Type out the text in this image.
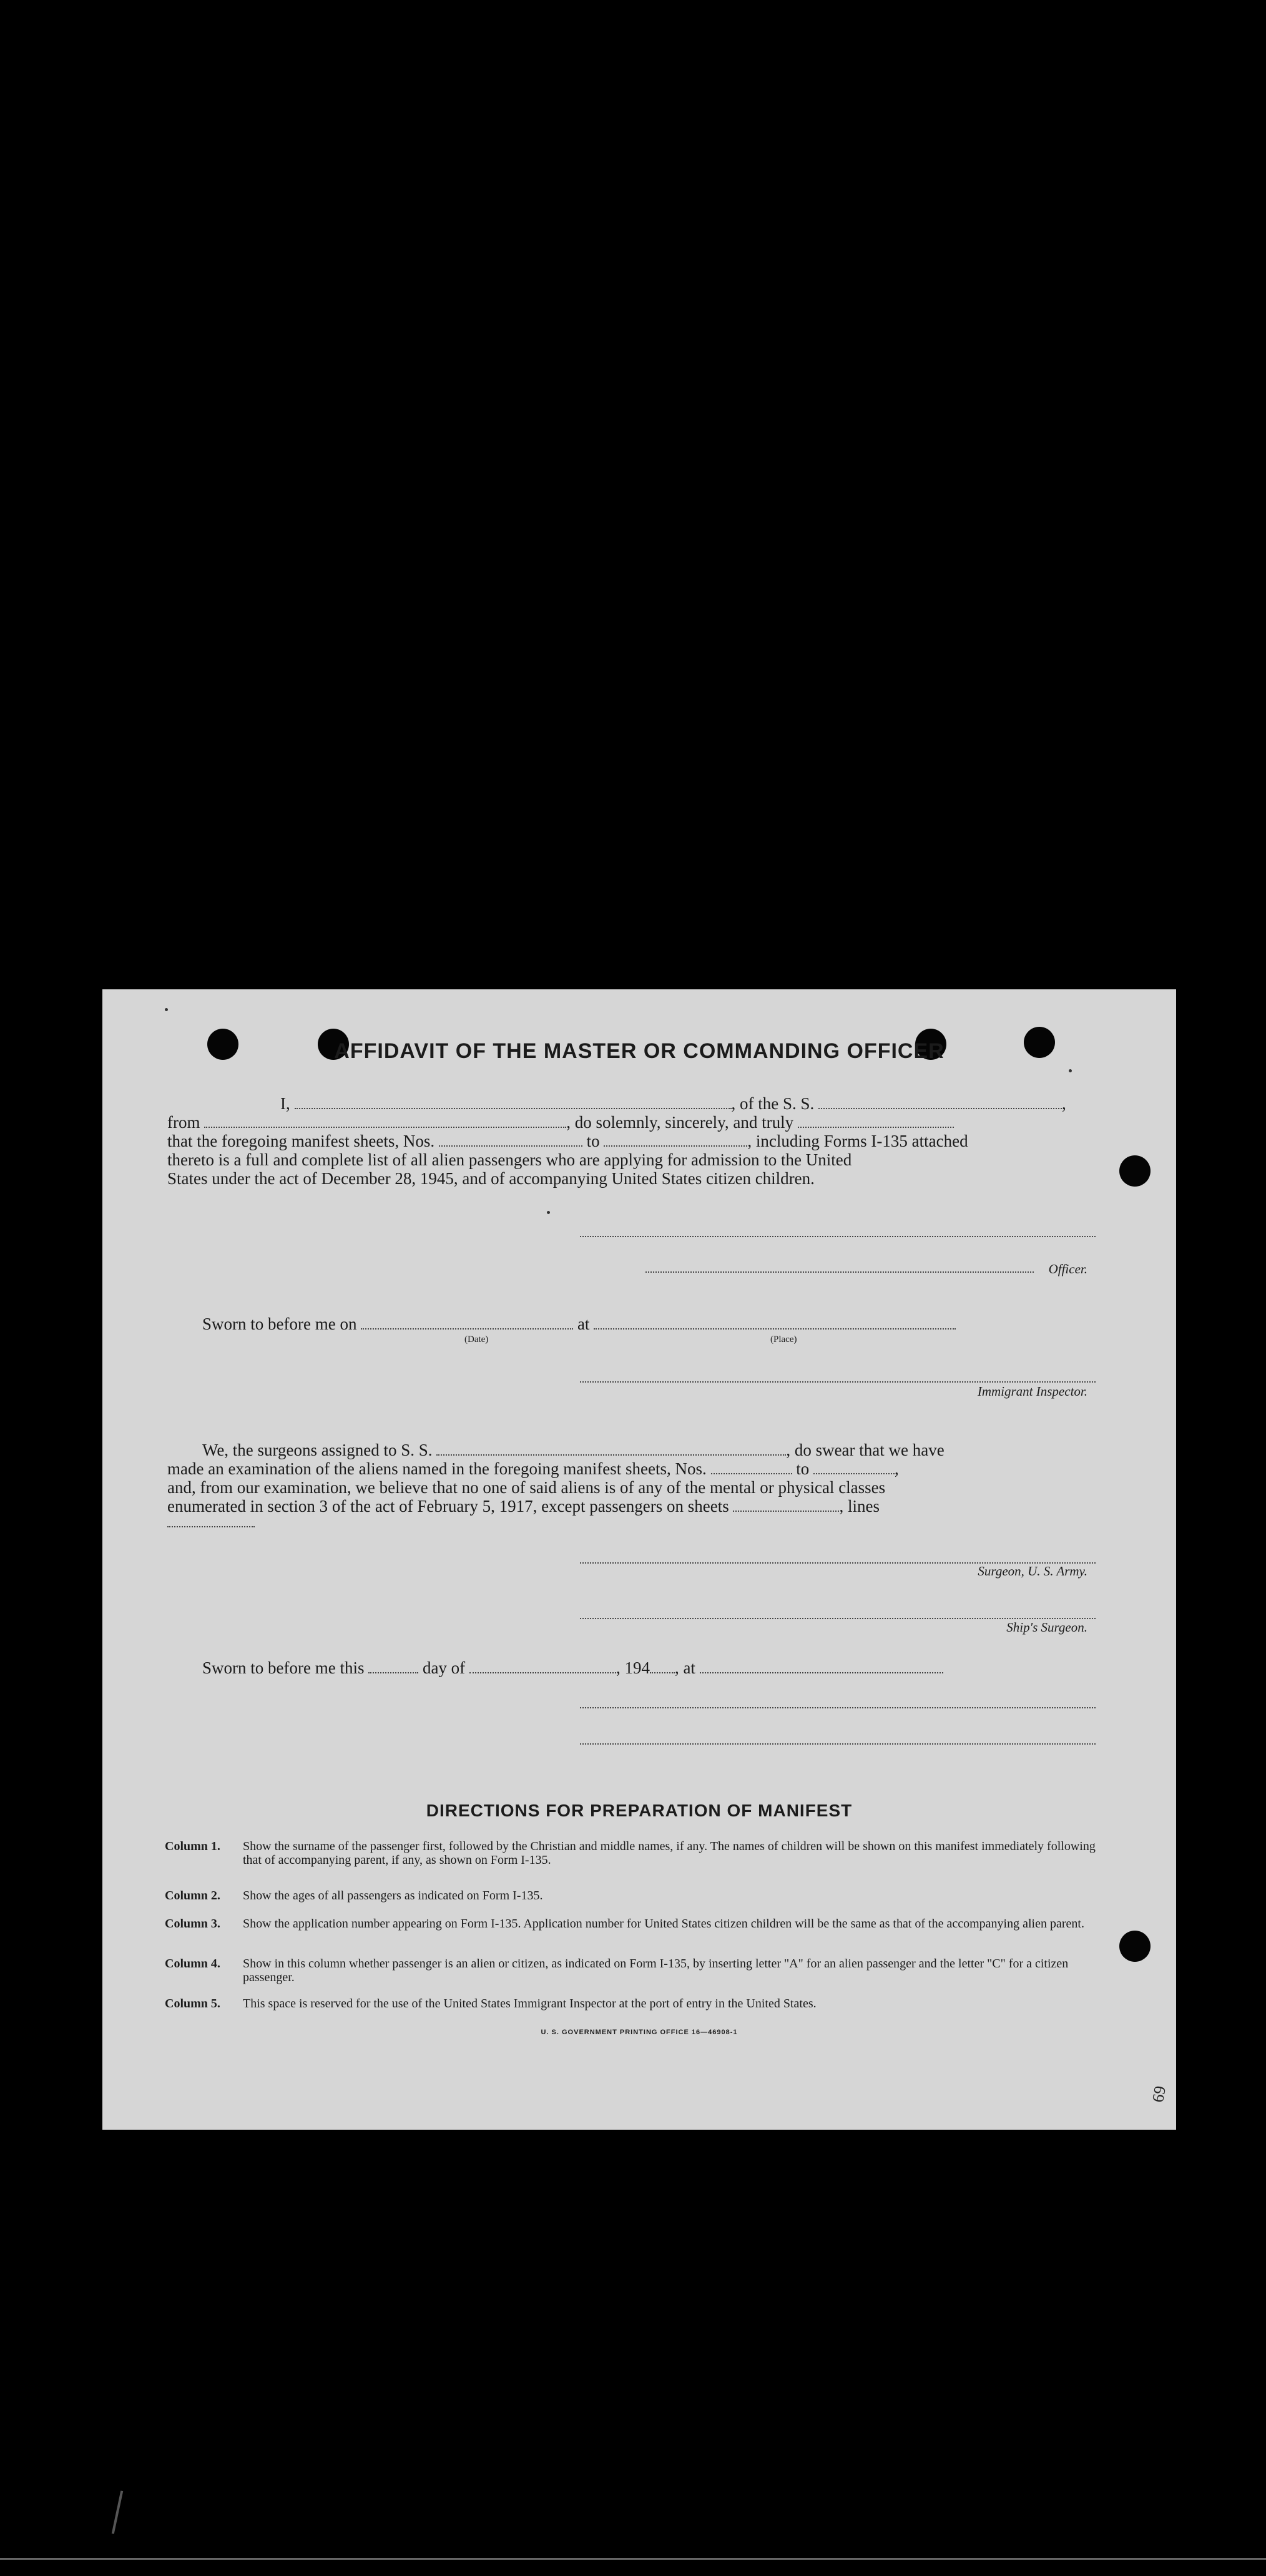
AFFIDAVIT OF THE MASTER OR COMMANDING OFFICER
I,	, of the S. S.	,
from	, do solemnly, sincerely, and truly
that the foregoing manifest sheets, Nos.	to	, including Forms I-135 attached
thereto is a full and complete list of all alien passengers who are applying for admission to the United
States under the act of December 28, 1945, and of accompanying United States citizen children.
Officer.
Sworn to before me on	at
(Date)	(Place)
Immigrant Inspector.
We, the surgeons assigned to S. S.	, do swear that we have
made an examination of the aliens named in the foregoing manifest sheets, Nos.	to	,
and, from our examination, we believe that no one of said aliens is of any of the mental or physical classes
enumerated in section 3 of the act of February 5, 1917, except passengers on sheets	, lines
Surgeon, U. S. Army.
Ship's Surgeon.
Sworn to before me this	day of	, 194 , at
DIRECTIONS FOR PREPARATION OF MANIFEST
Column 1. Show the surname of the passenger first, followed by the Christian and middle names, if any. The names of children will be shown on this manifest immediately following that of accompanying parent, if any, as shown on Form I-135.
Column 2. Show the ages of all passengers as indicated on Form I-135.
Column 3. Show the application number appearing on Form I-135. Application number for United States citizen children will be the same as that of the accompanying alien parent.
Column 4. Show in this column whether passenger is an alien or citizen, as indicated on Form I-135, by inserting letter "A" for an alien passenger and the letter "C" for a citizen passenger.
Column 5. This space is reserved for the use of the United States Immigrant Inspector at the port of entry in the United States.
U. S. GOVERNMENT PRINTING OFFICE 16—46908-1
69
